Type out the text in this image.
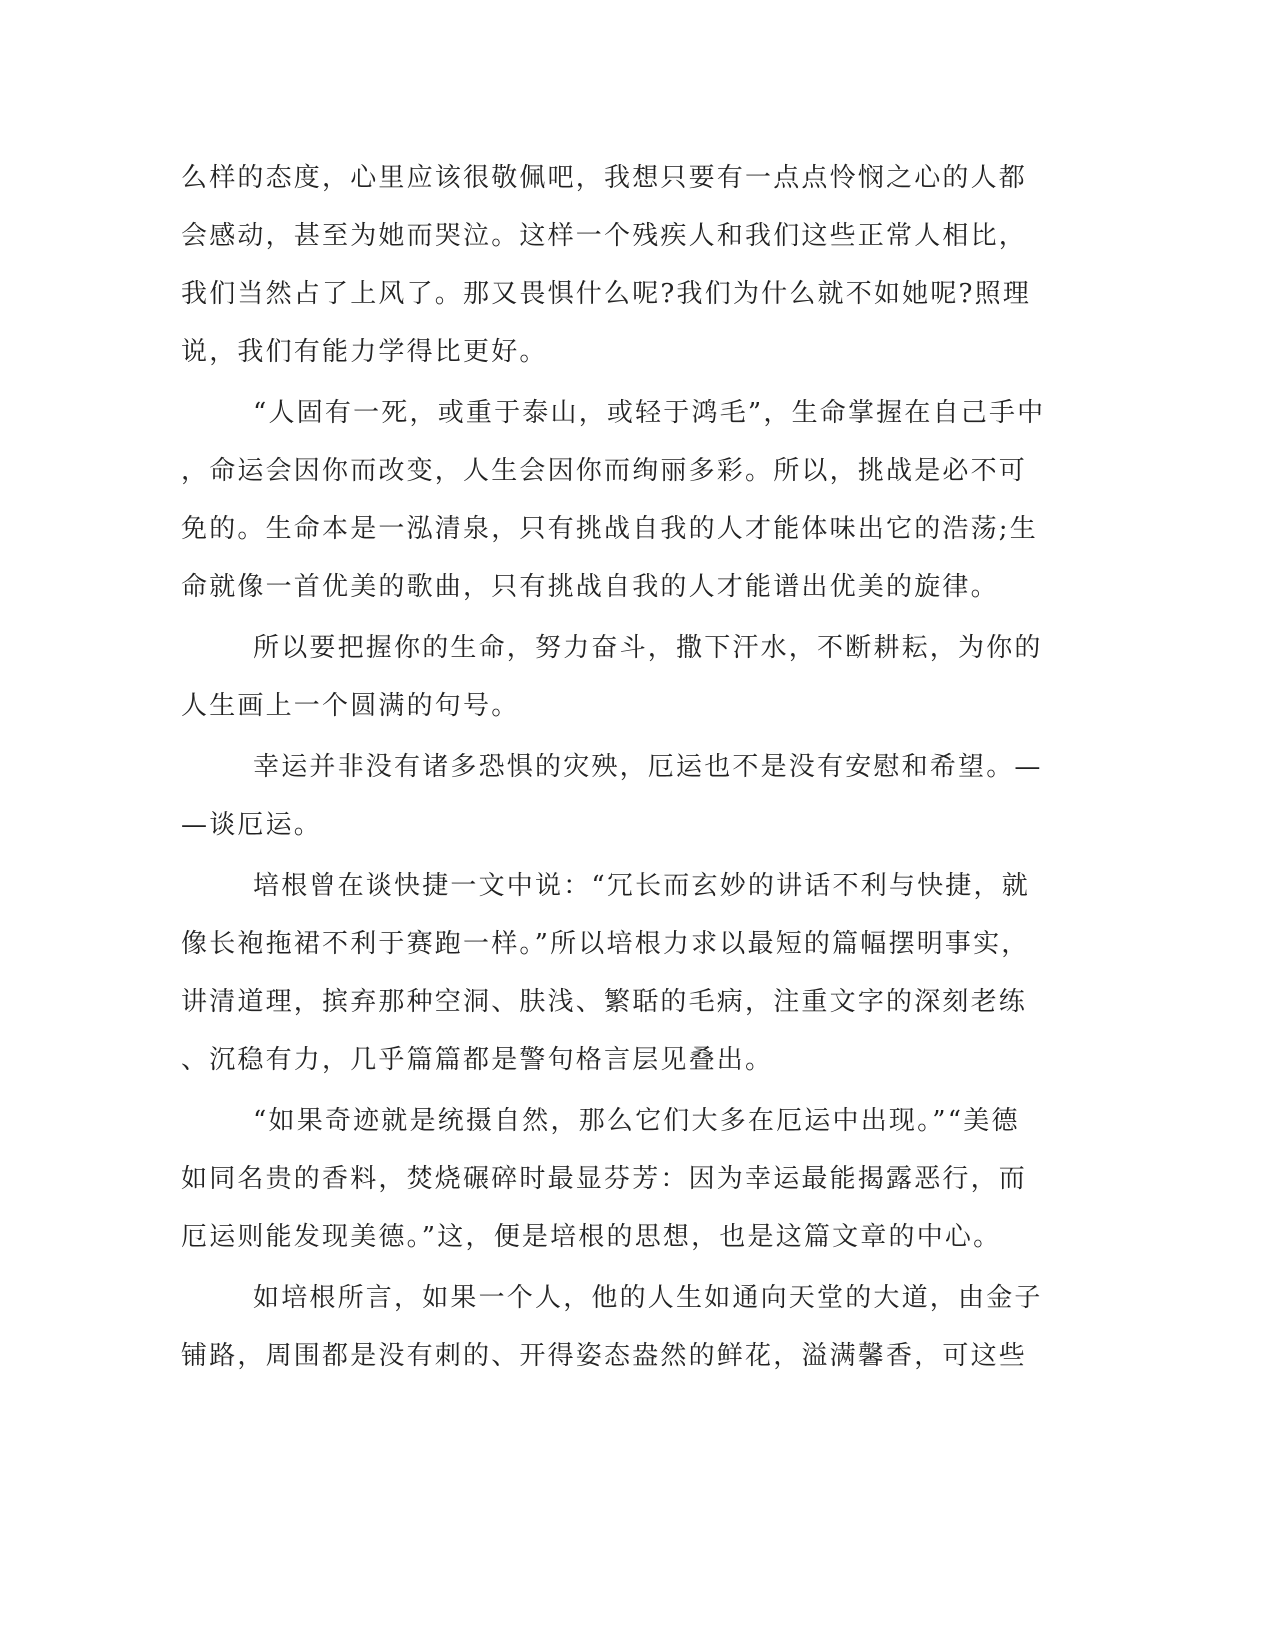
么样的态度，心里应该很敬佩吧，我想只要有一点点怜悯之心的人都
会感动，甚至为她而哭泣。这样一个残疾人和我们这些正常人相比，
我们当然占了上风了。那又畏惧什么呢?我们为什么就不如她呢?照理
说，我们有能力学得比更好。
“人固有一死，或重于泰山，或轻于鸿毛”，生命掌握在自己手中
，命运会因你而改变，人生会因你而绚丽多彩。所以，挑战是必不可
免的。生命本是一泓清泉，只有挑战自我的人才能体味出它的浩荡;生
命就像一首优美的歌曲，只有挑战自我的人才能谱出优美的旋律。
所以要把握你的生命，努力奋斗，撒下汗水，不断耕耘，为你的
人生画上一个圆满的句号。
幸运并非没有诸多恐惧的灾殃，厄运也不是没有安慰和希望。—
—谈厄运。
培根曾在谈快捷一文中说：“冗长而玄妙的讲话不利与快捷，就
像长袍拖裙不利于赛跑一样。”所以培根力求以最短的篇幅摆明事实，
讲清道理，摈弃那种空洞、肤浅、繁聒的毛病，注重文字的深刻老练
、沉稳有力，几乎篇篇都是警句格言层见叠出。
“如果奇迹就是统摄自然，那么它们大多在厄运中出现。”“美德
如同名贵的香料，焚烧碾碎时最显芬芳：因为幸运最能揭露恶行，而
厄运则能发现美德。”这，便是培根的思想，也是这篇文章的中心。
如培根所言，如果一个人，他的人生如通向天堂的大道，由金子
铺路，周围都是没有刺的、开得姿态盎然的鲜花，溢满馨香，可这些
